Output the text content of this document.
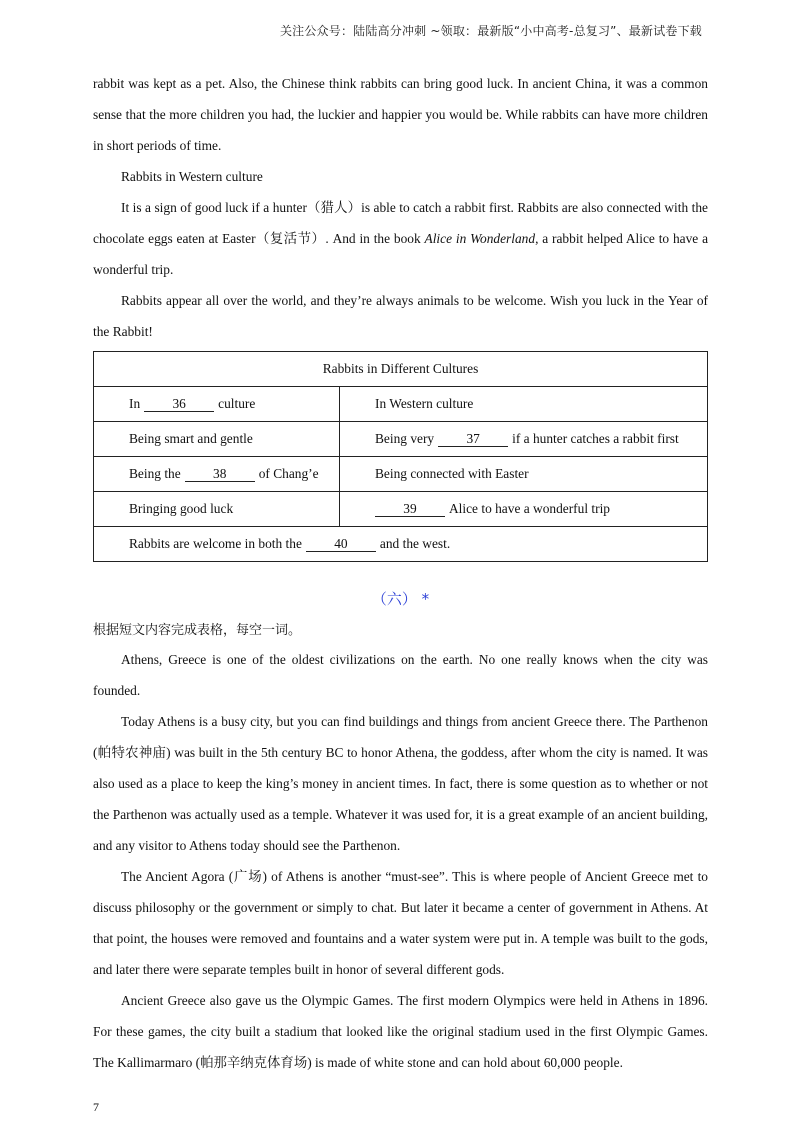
关注公众号：陆陆高分冲刺 ~领取：最新版“小中高考-总复习”、最新试卷下载

rabbit was kept as a pet. Also, the Chinese think rabbits can bring good luck. In ancient China, it was a common sense that the more children you had, the luckier and happier you would be. While rabbits can have more children in short periods of time.

Rabbits in Western culture

It is a sign of good luck if a hunter（猎人）is able to catch a rabbit first. Rabbits are also connected with the chocolate eggs eaten at Easter（复活节）. And in the book Alice in Wonderland, a rabbit helped Alice to have a wonderful trip.

Rabbits appear all over the world, and they’re always animals to be welcome. Wish you luck in the Year of the Rabbit!

Rabbits in Different Cultures	
In 36 culture	In Western culture
Being smart and gentle	Being very 37 if a hunter catches a rabbit first
Being the 38 of Chang’e	Being connected with Easter
Bringing good luck	39 Alice to have a wonderful trip
Rabbits are welcome in both the 40 and the west.	
（六） *

根据短文内容完成表格，每空一词。

Athens, Greece is one of the oldest civilizations on the earth. No one really knows when the city was founded.

Today Athens is a busy city, but you can find buildings and things from ancient Greece there. The Parthenon (帕特农神庙) was built in the 5th century BC to honor Athena, the goddess, after whom the city is named. It was also used as a place to keep the king’s money in ancient times. In fact, there is some question as to whether or not the Parthenon was actually used as a temple. Whatever it was used for, it is a great example of an ancient building, and any visitor to Athens today should see the Parthenon.

The Ancient Agora (广场) of Athens is another “must-see”. This is where people of Ancient Greece met to discuss philosophy or the government or simply to chat. But later it became a center of government in Athens. At that point, the houses were removed and fountains and a water system were put in. A temple was built to the gods, and later there were separate temples built in honor of several different gods.

Ancient Greece also gave us the Olympic Games. The first modern Olympics were held in Athens in 1896. For these games, the city built a stadium that looked like the original stadium used in the first Olympic Games. The Kallimarmaro (帕那辛纳克体育场) is made of white stone and can hold about 60,000 people.

7
